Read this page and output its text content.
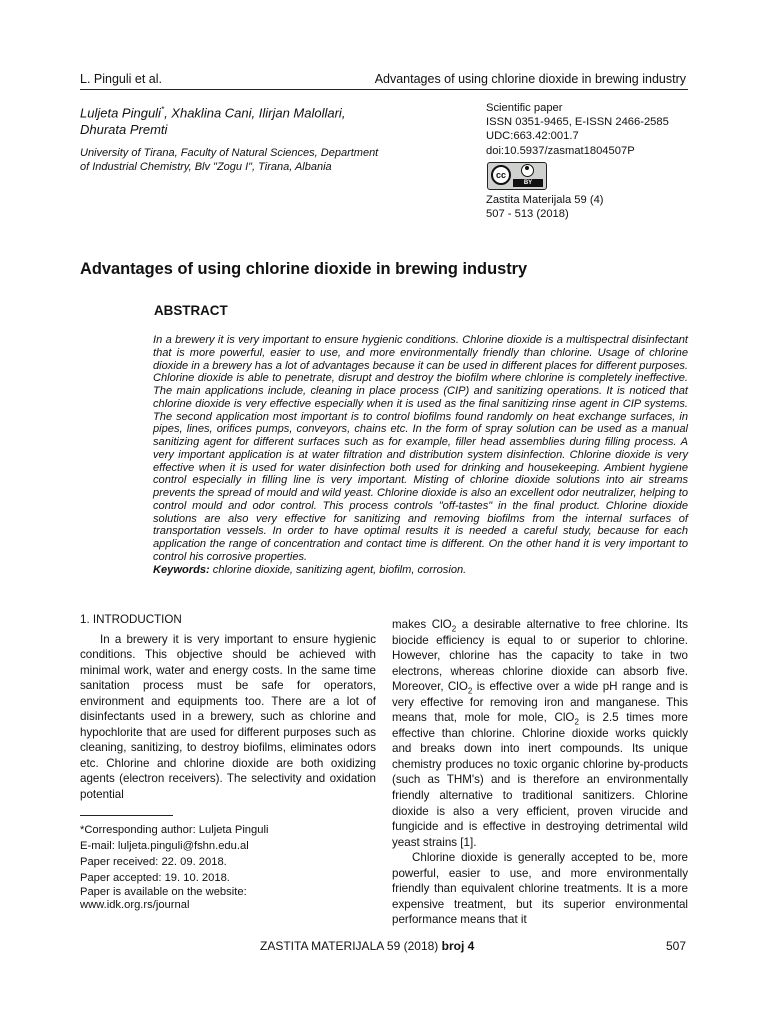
L. Pinguli et al.	Advantages of using chlorine dioxide in brewing industry
Luljeta Pinguli*, Xhaklina Cani, Ilirjan Malollari,
Dhurata Premti
University of Tirana, Faculty of Natural Sciences, Department
of Industrial Chemistry, Blv "Zogu I", Tirana, Albania
Scientific paper
ISSN 0351-9465, E-ISSN 2466-2585
UDC:663.42:001.7
doi:10.5937/zasmat1804507P
cc
BY
Zastita Materijala 59 (4)
507 - 513 (2018)
Advantages of using chlorine dioxide in brewing industry
ABSTRACT
In a brewery it is very important to ensure hygienic conditions. Chlorine dioxide is a multispectral disinfectant that is more powerful, easier to use, and more environmentally friendly than chlorine. Usage of chlorine dioxide in a brewery has a lot of advantages because it can be used in different places for different purposes. Chlorine dioxide is able to penetrate, disrupt and destroy the biofilm where chlorine is completely ineffective. The main applications include, cleaning in place process (CIP) and sanitizing operations. It is noticed that chlorine dioxide is very effective especially when it is used as the final sanitizing rinse agent in CIP systems. The second application most important is to control biofilms found randomly on heat exchange surfaces, in pipes, lines, orifices pumps, conveyors, chains etc. In the form of spray solution can be used as a manual sanitizing agent for different surfaces such as for example, filler head assemblies during filling process. A very important application is at water filtration and distribution system disinfection. Chlorine dioxide is very effective when it is used for water disinfection both used for drinking and housekeeping. Ambient hygiene control especially in filling line is very important. Misting of chlorine dioxide solutions into air streams prevents the spread of mould and wild yeast. Chlorine dioxide is also an excellent odor neutralizer, helping to control mould and odor control. This process controls "off-tastes" in the final product. Chlorine dioxide solutions are also very effective for sanitizing and removing biofilms from the internal surfaces of transportation vessels. In order to have optimal results it is needed a careful study, because for each application the range of concentration and contact time is different. On the other hand it is very important to control his corrosive properties.
Keywords: chlorine dioxide, sanitizing agent, biofilm, corrosion.
1. INTRODUCTION

In a brewery it is very important to ensure hygienic conditions. This objective should be achieved with minimal work, water and energy costs. In the same time sanitation process must be safe for operators, environment and equipments too. There are a lot of disinfectants used in a brewery, such as chlorine and hypochlorite that are used for different purposes such as cleaning, sanitizing, to destroy biofilms, eliminates odors etc. Chlorine and chlorine dioxide are both oxidizing agents (electron receivers). The selectivity and oxidation potential

makes ClO$_2$ a desirable alternative to free chlorine. Its biocide efficiency is equal to or superior to chlorine. However, chlorine has the capacity to take in two electrons, whereas chlorine dioxide can absorb five. Moreover, ClO$_2$ is effective over a wide pH range and is very effective for removing iron and manganese. This means that, mole for mole, ClO$_2$ is 2.5 times more effective than chlorine. Chlorine dioxide works quickly and breaks down into inert compounds. Its unique chemistry produces no toxic organic chlorine by-products (such as THM's) and is therefore an environmentally friendly alternative to traditional sanitizers. Chlorine dioxide is also a very efficient, proven virucide and fungicide and is effective in destroying detrimental wild yeast strains [1].

Chlorine dioxide is generally accepted to be, more powerful, easier to use, and more environmentally friendly than equivalent chlorine treatments. It is a more expensive treatment, but its superior environmental performance means that it

*Corresponding author: Luljeta Pinguli
E-mail: luljeta.pinguli@fshn.edu.al
Paper received: 22. 09. 2018.
Paper accepted: 19. 10. 2018.
Paper is available on the website:
www.idk.org.rs/journal
ZASTITA MATERIJALA 59 (2018) broj 4	507
